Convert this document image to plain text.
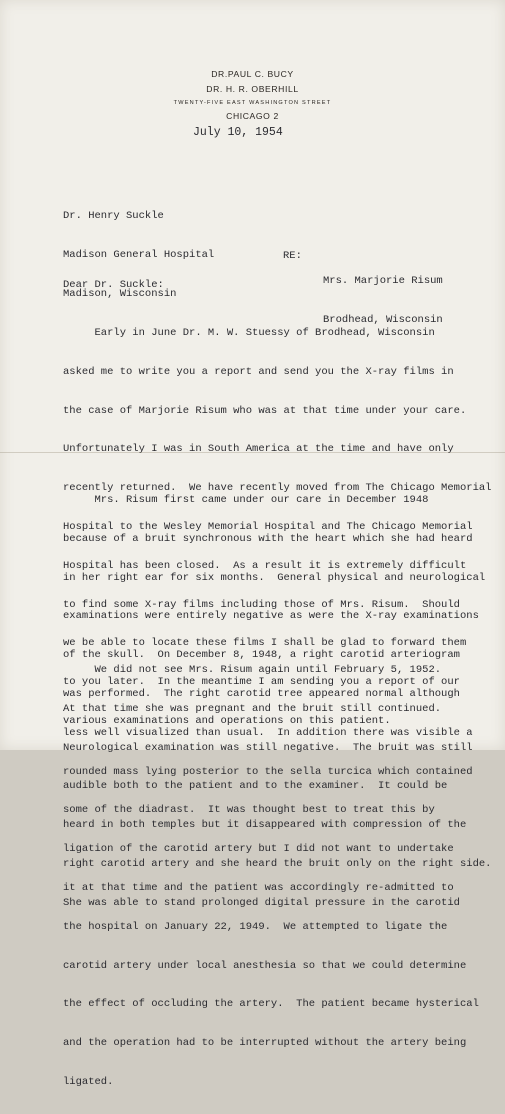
DR.PAUL C. BUCY
DR. H. R. OBERHILL
TWENTY-FIVE EAST WASHINGTON STREET
CHICAGO 2
July 10, 1954

Dr. Henry Suckle

Madison General Hospital

Madison, Wisconsin

RE:

Mrs. Marjorie Risum

Brodhead, Wisconsin

Dear Dr. Suckle:

Early in June Dr. M. W. Stuessy of Brodhead, Wisconsin

asked me to write you a report and send you the X-ray films in

the case of Marjorie Risum who was at that time under your care.

Unfortunately I was in South America at the time and have only

recently returned.  We have recently moved from The Chicago Memorial

Hospital to the Wesley Memorial Hospital and The Chicago Memorial

Hospital has been closed.  As a result it is extremely difficult

to find some X-ray films including those of Mrs. Risum.  Should

we be able to locate these films I shall be glad to forward them

to you later.  In the meantime I am sending you a report of our

various examinations and operations on this patient.

Mrs. Risum first came under our care in December 1948

because of a bruit synchronous with the heart which she had heard

in her right ear for six months.  General physical and neurological

examinations were entirely negative as were the X-ray examinations

of the skull.  On December 8, 1948, a right carotid arteriogram

was performed.  The right carotid tree appeared normal although

less well visualized than usual.  In addition there was visible a

rounded mass lying posterior to the sella turcica which contained

some of the diadrast.  It was thought best to treat this by

ligation of the carotid artery but I did not want to undertake

it at that time and the patient was accordingly re-admitted to

the hospital on January 22, 1949.  We attempted to ligate the

carotid artery under local anesthesia so that we could determine

the effect of occluding the artery.  The patient became hysterical

and the operation had to be interrupted without the artery being

ligated.

We did not see Mrs. Risum again until February 5, 1952.

At that time she was pregnant and the bruit still continued.

Neurological examination was still negative.  The bruit was still

audible both to the patient and to the examiner.  It could be

heard in both temples but it disappeared with compression of the

right carotid artery and she heard the bruit only on the right side.

She was able to stand prolonged digital pressure in the carotid
